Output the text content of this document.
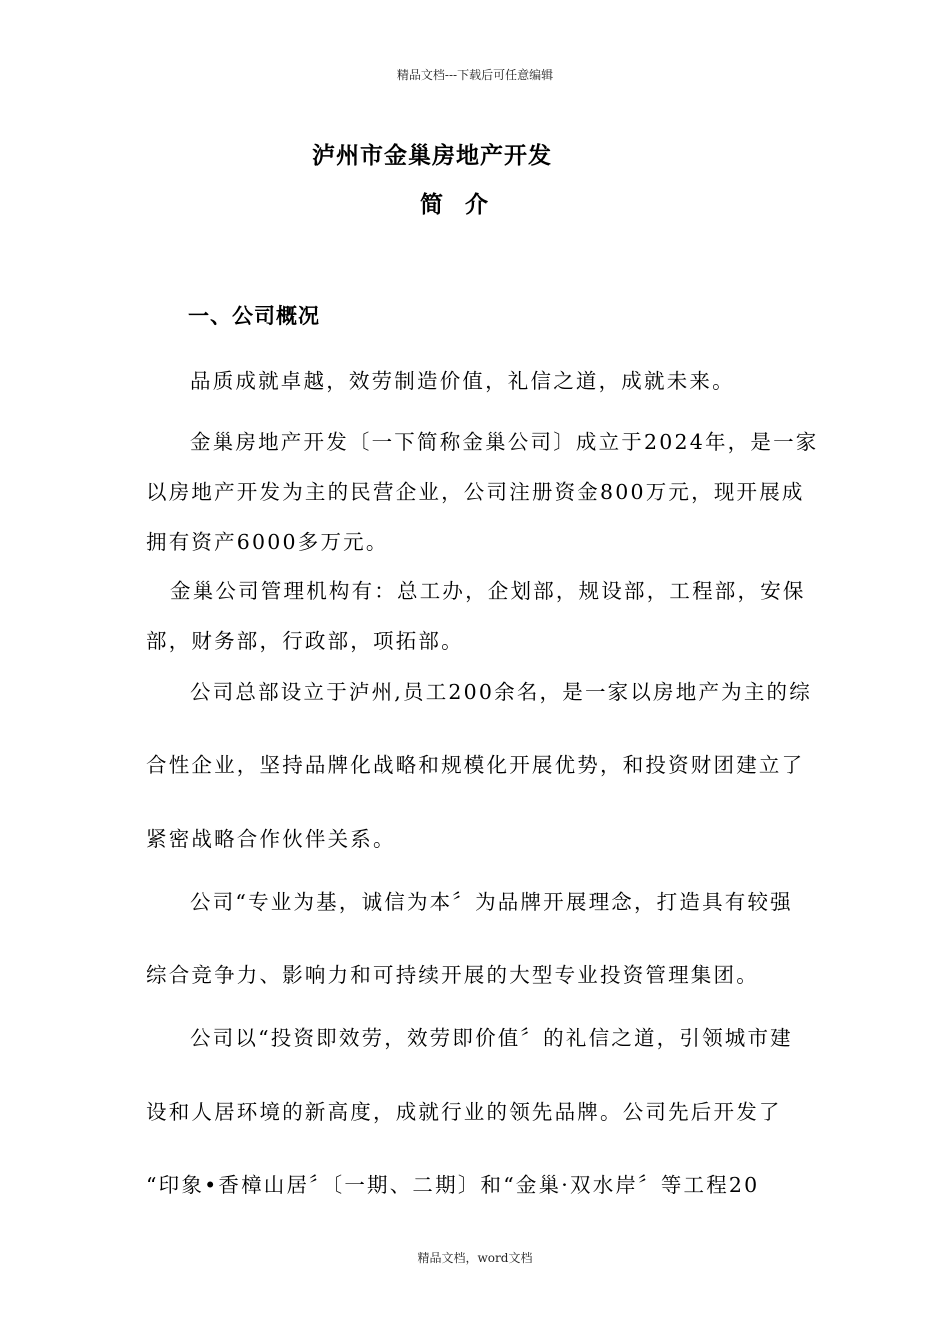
精品文档---下载后可任意编辑
泸州市金巢房地产开发
简介
一、公司概况
品质成就卓越，效劳制造价值，礼信之道，成就未来。
金巢房地产开发〔一下简称金巢公司〕成立于2024年，是一家
以房地产开发为主的民营企业，公司注册资金800万元，现开展成
拥有资产6000多万元。
金巢公司管理机构有：总工办，企划部，规设部，工程部，安保
部，财务部，行政部，项拓部。
公司总部设立于泸州,员工200余名，是一家以房地产为主的综
合性企业，坚持品牌化战略和规模化开展优势，和投资财团建立了
紧密战略合作伙伴关系。
公司“专业为基，诚信为本〞为品牌开展理念，打造具有较强
综合竞争力、影响力和可持续开展的大型专业投资管理集团。
公司以“投资即效劳，效劳即价值〞的礼信之道，引领城市建
设和人居环境的新高度，成就行业的领先品牌。公司先后开发了
“印象•香樟山居〞〔一期、二期〕和“金巢·双水岸〞等工程20
精品文档，word文档
